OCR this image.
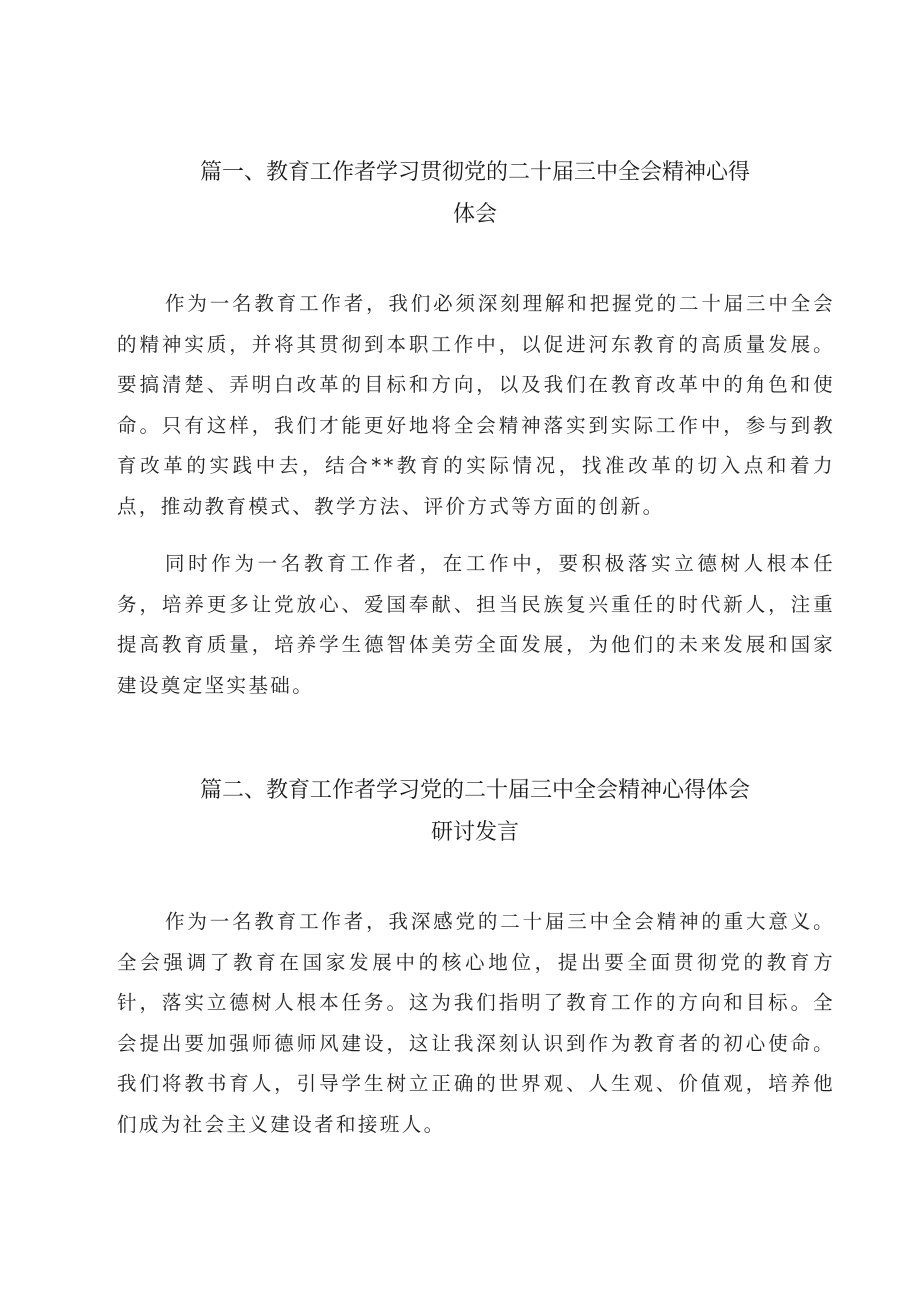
篇一、教育工作者学习贯彻党的二十届三中全会精神心得
体会

作为一名教育工作者，我们必须深刻理解和把握党的二十届三中全会的精神实质，并将其贯彻到本职工作中，以促进河东教育的高质量发展。要搞清楚、弄明白改革的目标和方向，以及我们在教育改革中的角色和使命。只有这样，我们才能更好地将全会精神落实到实际工作中，参与到教育改革的实践中去，结合**教育的实际情况，找准改革的切入点和着力点，推动教育模式、教学方法、评价方式等方面的创新。

同时作为一名教育工作者，在工作中，要积极落实立德树人根本任务，培养更多让党放心、爱国奉献、担当民族复兴重任的时代新人，注重提高教育质量，培养学生德智体美劳全面发展，为他们的未来发展和国家建设奠定坚实基础。

篇二、教育工作者学习党的二十届三中全会精神心得体会
研讨发言

作为一名教育工作者，我深感党的二十届三中全会精神的重大意义。全会强调了教育在国家发展中的核心地位，提出要全面贯彻党的教育方针，落实立德树人根本任务。这为我们指明了教育工作的方向和目标。全会提出要加强师德师风建设，这让我深刻认识到作为教育者的初心使命。我们将教书育人，引导学生树立正确的世界观、人生观、价值观，培养他们成为社会主义建设者和接班人。
